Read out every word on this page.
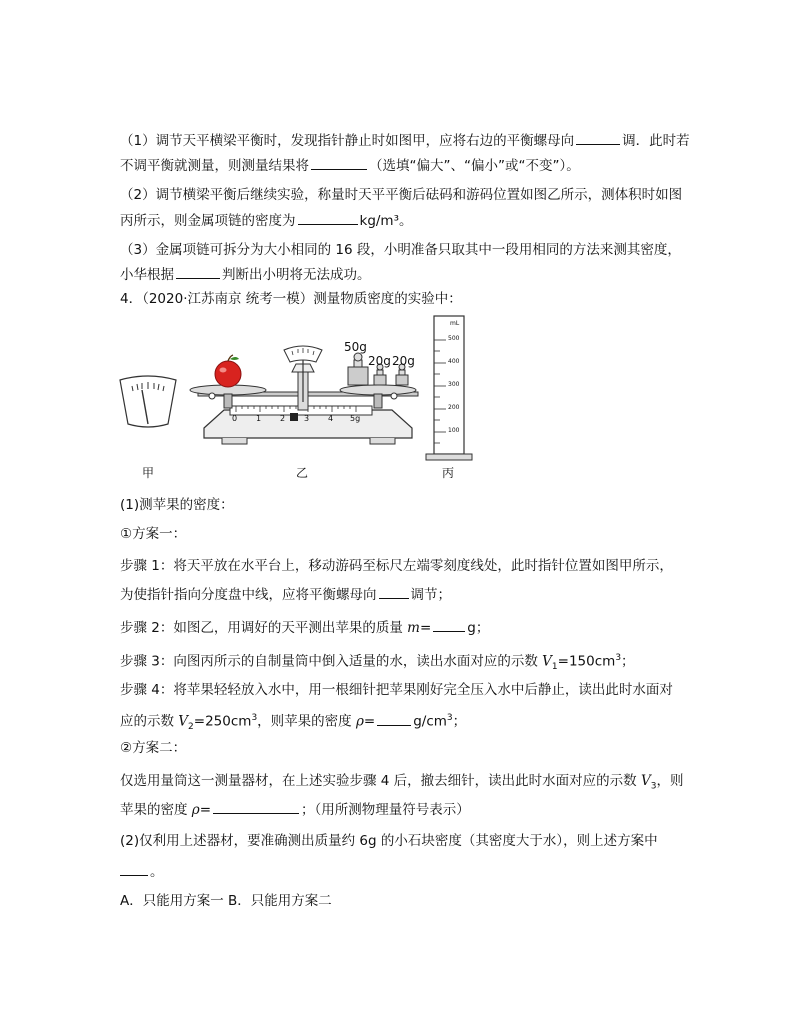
（1）调节天平横梁平衡时，发现指针静止时如图甲，应将右边的平衡螺母向	调．此时若
不调平衡就测量，则测量结果将	（选填“偏大”、“偏小”或“不变”）。
（2）调节横梁平衡后继续实验，称量时天平平衡后砝码和游码位置如图乙所示，测体积时如图
丙所示，则金属项链的密度为	kg/m³。
（3）金属项链可拆分为大小相同的 16 段，小明准备只取其中一段用相同的方法来测其密度，
小华根据	判断出小明将无法成功。
4．（2020·江苏南京 统考一模）测量物质密度的实验中：
50g
20g 20g
0 1 2 3 4 5g
mL
500
400
300
200
100
甲	乙	丙
(1)测苹果的密度：
①方案一：
步骤 1：将天平放在水平台上，移动游码至标尺左端零刻度线处，此时指针位置如图甲所示，
为使指针指向分度盘中线，应将平衡螺母向	调节；
步骤 2：如图乙，用调好的天平测出苹果的质量 m=	g；
步骤 3：向图丙所示的自制量筒中倒入适量的水，读出水面对应的示数 $V_1=150cm^3$；
步骤 4：将苹果轻轻放入水中，用一根细针把苹果刚好完全压入水中后静止，读出此时水面对
应的示数 $V_2=250cm^3$，则苹果的密度 ρ=	$g/cm^3$；
②方案二：
仅选用量筒这一测量器材，在上述实验步骤 4 后，撤去细针，读出此时水面对应的示数 $V_3$，则
苹果的密度 ρ=	；（用所测物理量符号表示）
(2)仅利用上述器材，要准确测出质量约 6g 的小石块密度（其密度大于水），则上述方案中
。
A．只能用方案一 B．只能用方案二
